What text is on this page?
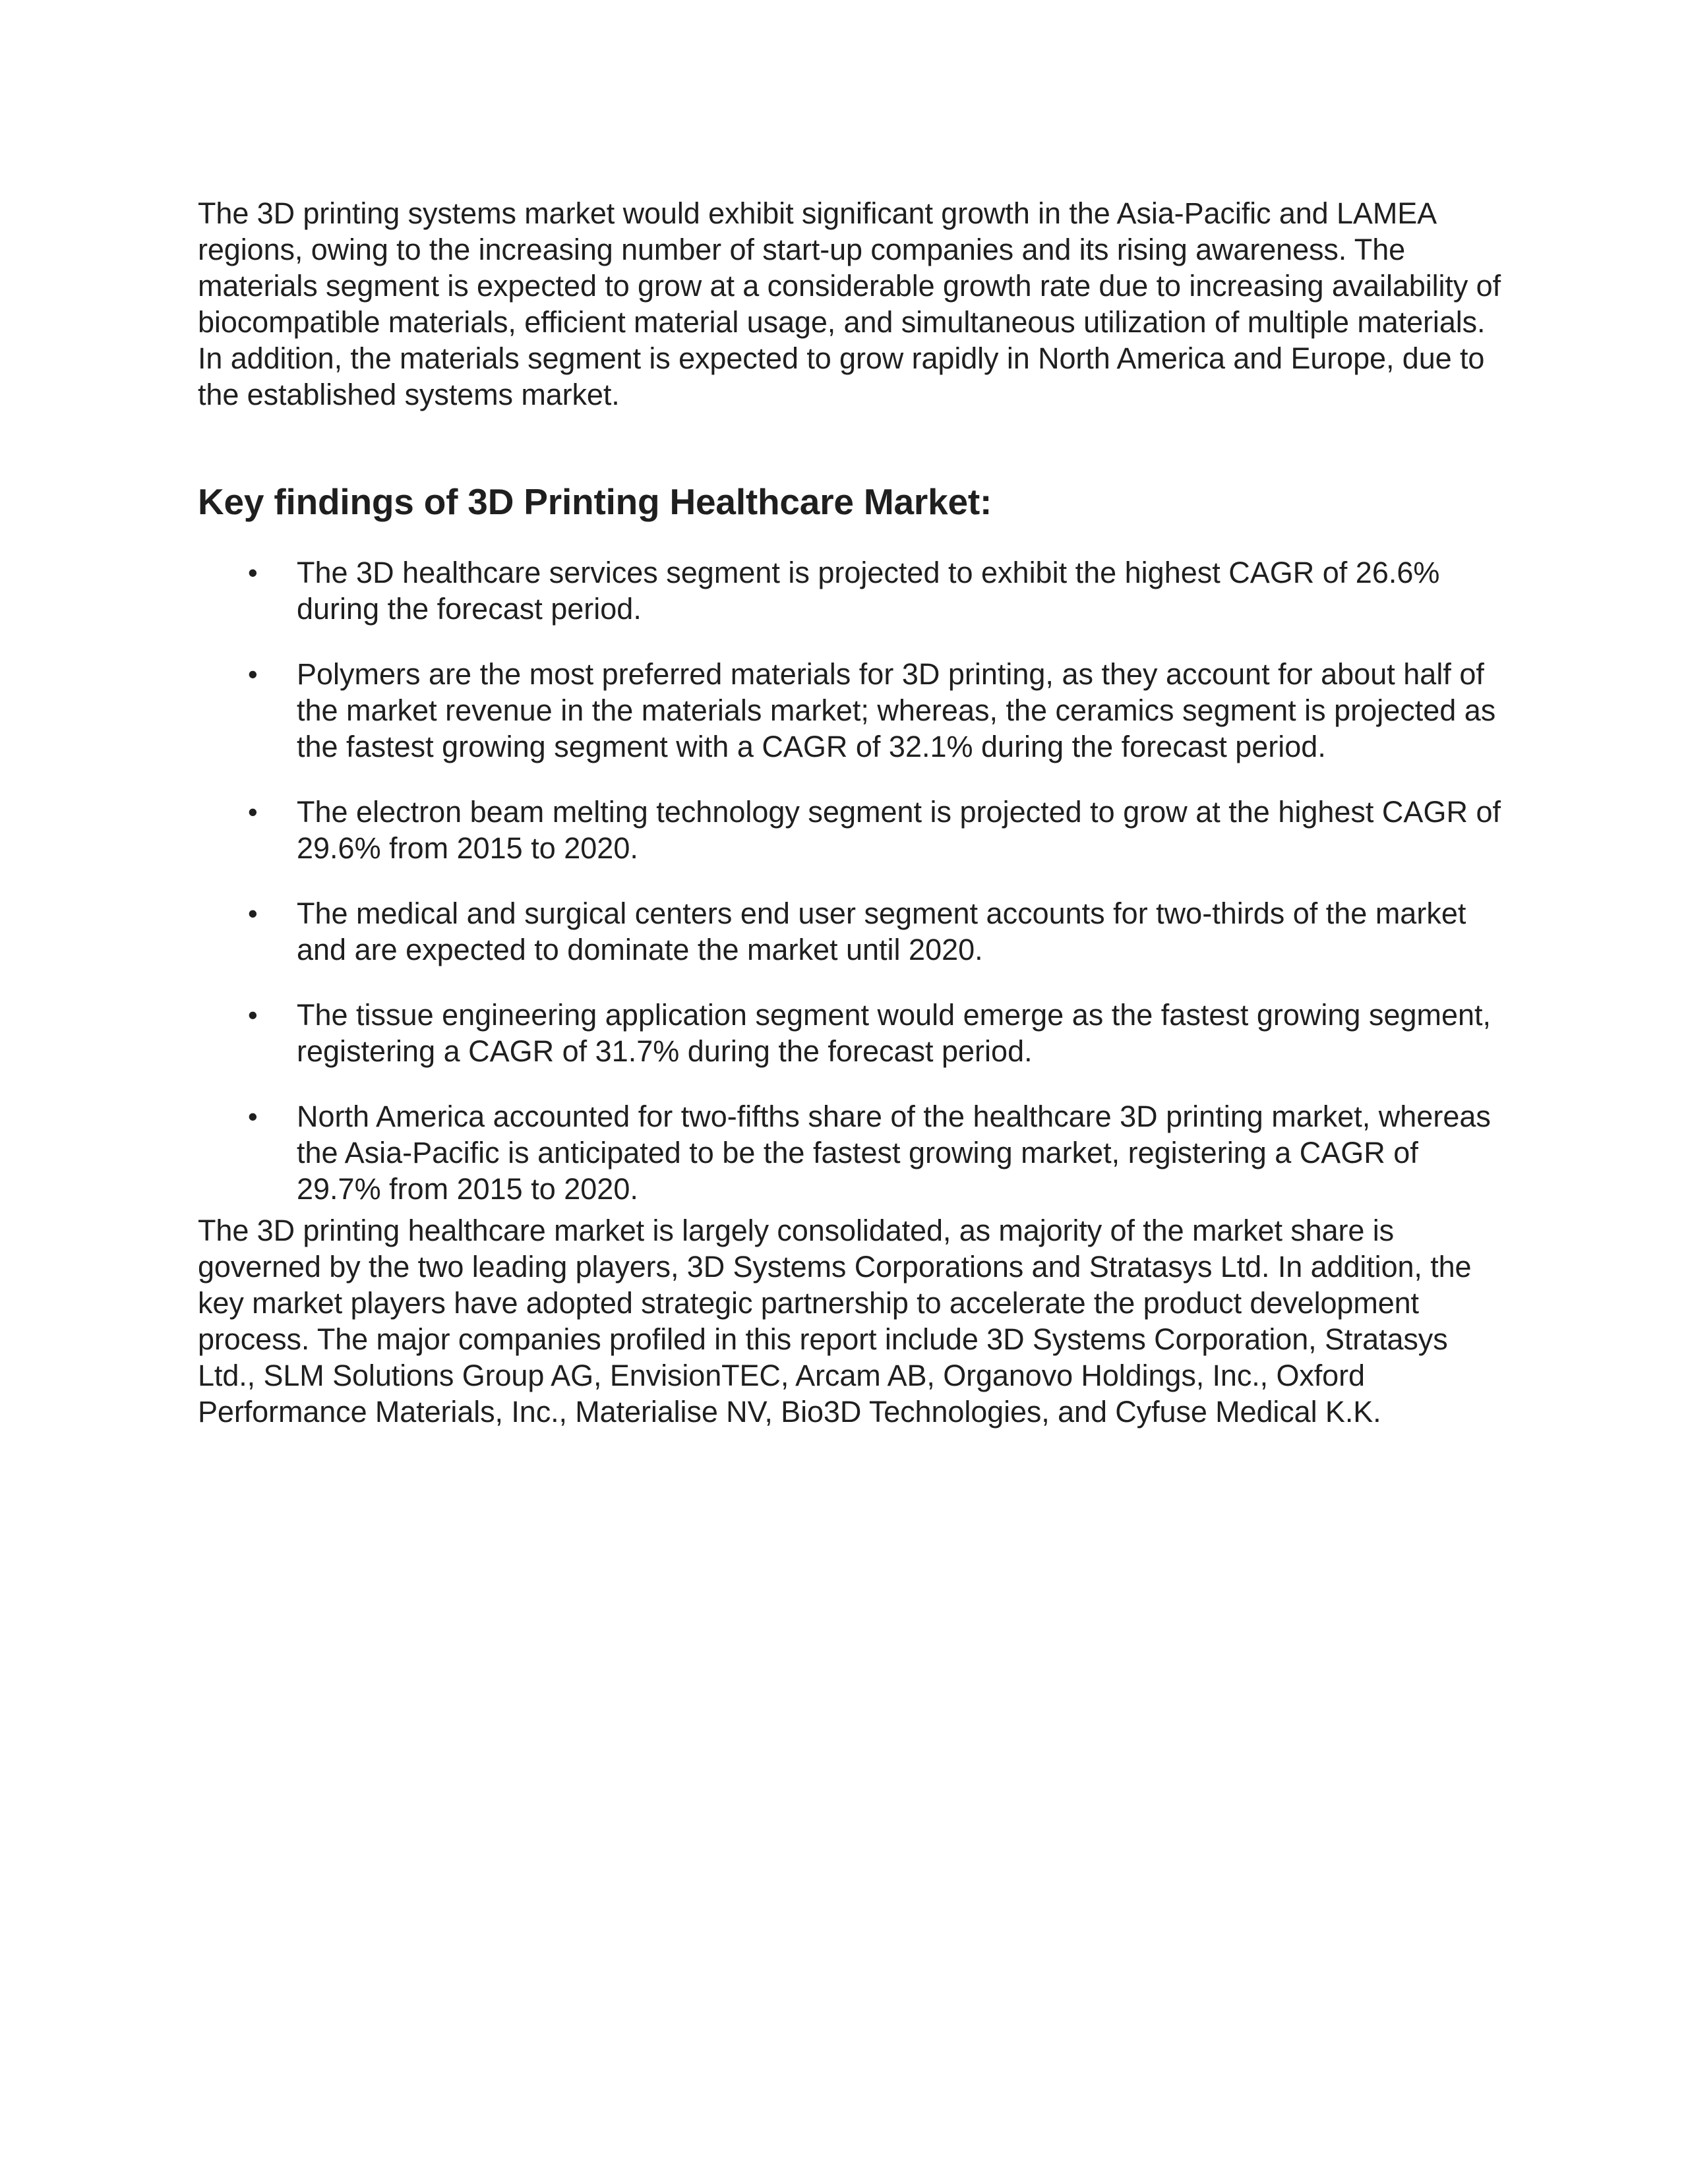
The 3D printing systems market would exhibit significant growth in the Asia-Pacific and LAMEA regions, owing to the increasing number of start-up companies and its rising awareness. The materials segment is expected to grow at a considerable growth rate due to increasing availability of biocompatible materials, efficient material usage, and simultaneous utilization of multiple materials. In addition, the materials segment is expected to grow rapidly in North America and Europe, due to the established systems market.

Key findings of 3D Printing Healthcare Market:
• The 3D healthcare services segment is projected to exhibit the highest CAGR of 26.6% during the forecast period.
• Polymers are the most preferred materials for 3D printing, as they account for about half of the market revenue in the materials market; whereas, the ceramics segment is projected as the fastest growing segment with a CAGR of 32.1% during the forecast period.
• The electron beam melting technology segment is projected to grow at the highest CAGR of 29.6% from 2015 to 2020.
• The medical and surgical centers end user segment accounts for two-thirds of the market and are expected to dominate the market until 2020.
• The tissue engineering application segment would emerge as the fastest growing segment, registering a CAGR of 31.7% during the forecast period.
• North America accounted for two-fifths share of the healthcare 3D printing market, whereas the Asia-Pacific is anticipated to be the fastest growing market, registering a CAGR of 29.7% from 2015 to 2020.

The 3D printing healthcare market is largely consolidated, as majority of the market share is governed by the two leading players, 3D Systems Corporations and Stratasys Ltd. In addition, the key market players have adopted strategic partnership to accelerate the product development process. The major companies profiled in this report include 3D Systems Corporation, Stratasys Ltd., SLM Solutions Group AG, EnvisionTEC, Arcam AB, Organovo Holdings, Inc., Oxford Performance Materials, Inc., Materialise NV, Bio3D Technologies, and Cyfuse Medical K.K.
